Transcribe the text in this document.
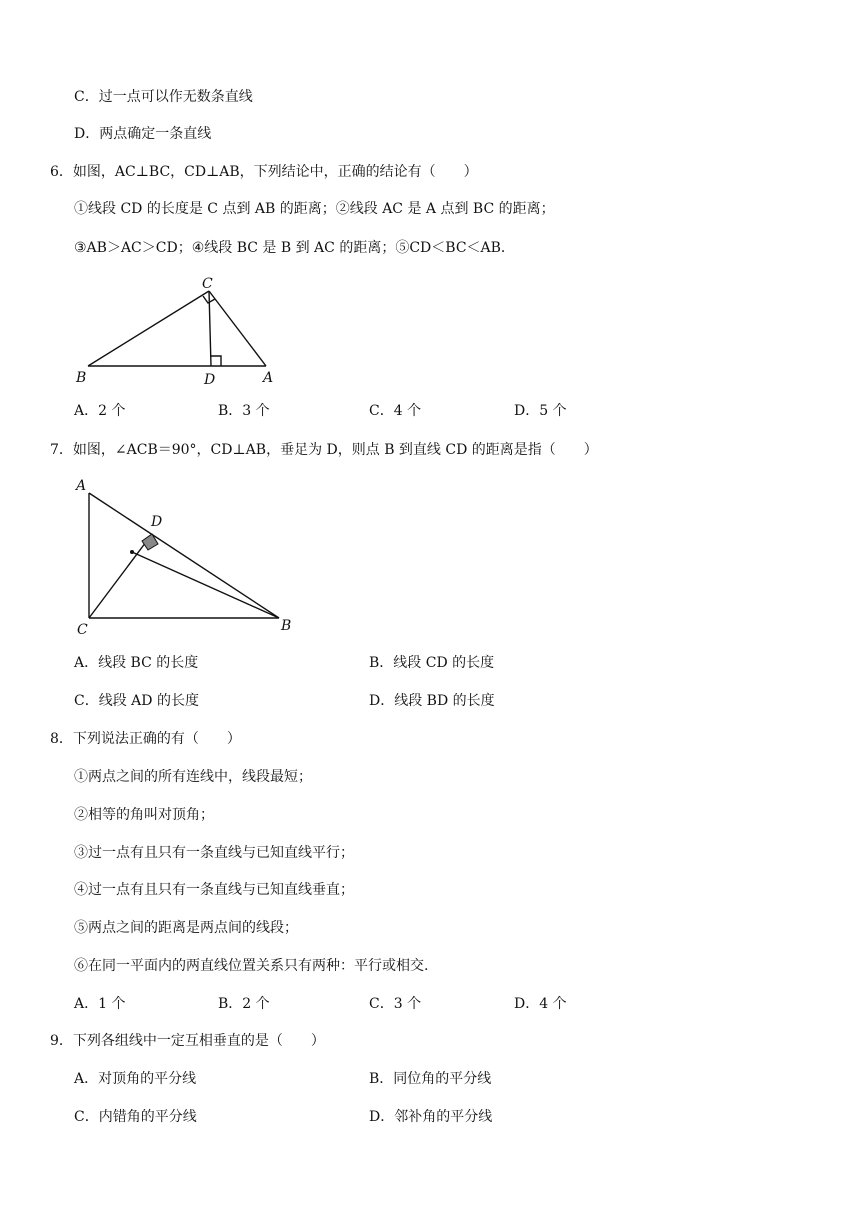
C．过一点可以作无数条直线
D．两点确定一条直线
6．如图，AC⊥BC，CD⊥AB，下列结论中，正确的结论有（　　）
①线段 CD 的长度是 C 点到 AB 的距离；②线段 AC 是 A 点到 BC 的距离；
③AB＞AC＞CD；④线段 BC 是 B 到 AC 的距离；⑤CD＜BC＜AB．
C
B	D	A
A．2 个	B．3 个	C．4 个	D．5 个
7．如图，∠ACB＝90°，CD⊥AB，垂足为 D，则点 B 到直线 CD 的距离是指（　　）
A
D
C	B
A．线段 BC 的长度	B．线段 CD 的长度
C．线段 AD 的长度	D．线段 BD 的长度
8．下列说法正确的有（　　）
①两点之间的所有连线中，线段最短；
②相等的角叫对顶角；
③过一点有且只有一条直线与已知直线平行；
④过一点有且只有一条直线与已知直线垂直；
⑤两点之间的距离是两点间的线段；
⑥在同一平面内的两直线位置关系只有两种：平行或相交.
A．1 个	B．2 个	C．3 个	D．4 个
9．下列各组线中一定互相垂直的是（　　）
A．对顶角的平分线	B．同位角的平分线
C．内错角的平分线	D．邻补角的平分线
